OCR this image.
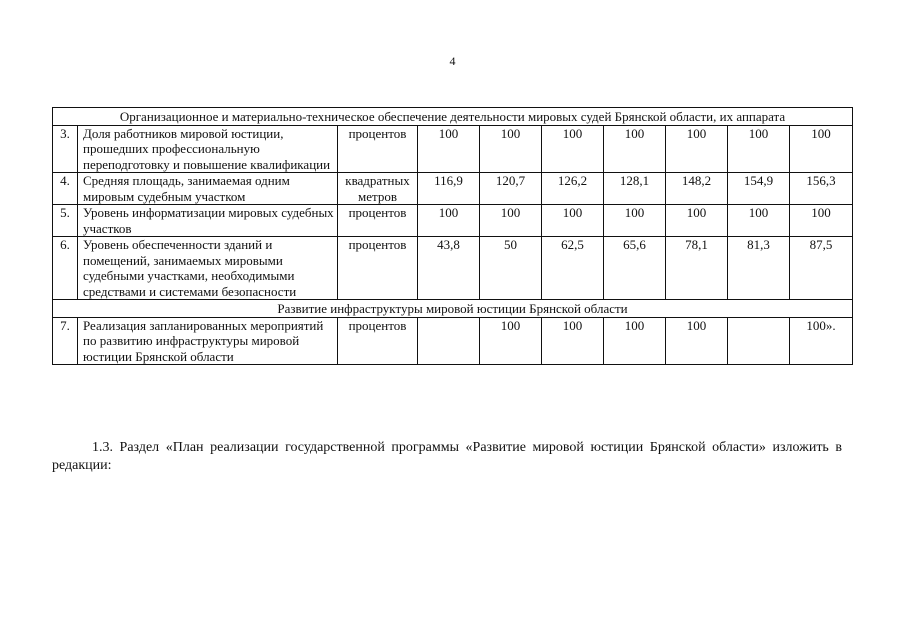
4
Организационное и материально-техническое обеспечение деятельности мировых судей Брянской области, их аппарата									
3.	Доля работников мировой юстиции, прошедших профессиональную переподготовку и повышение квалификации	процентов	100	100	100	100	100	100	100
4.	Средняя площадь, занимаемая одним мировым судебным участком	квадратных метров	116,9	120,7	126,2	128,1	148,2	154,9	156,3
5.	Уровень информатизации мировых судебных участков	процентов	100	100	100	100	100	100	100
6.	Уровень обеспеченности зданий и помещений, занимаемых мировыми судебными участками, необходимыми средствами и системами безопасности	процентов	43,8	50	62,5	65,6	78,1	81,3	87,5
Развитие инфраструктуры мировой юстиции Брянской области									
7.	Реализация запланированных мероприятий по развитию инфраструктуры мировой юстиции Брянской области	процентов		100	100	100	100		100».
1.3. Раздел «План реализации государственной программы «Развитие мировой юстиции Брянской области» изложить в редакции:
